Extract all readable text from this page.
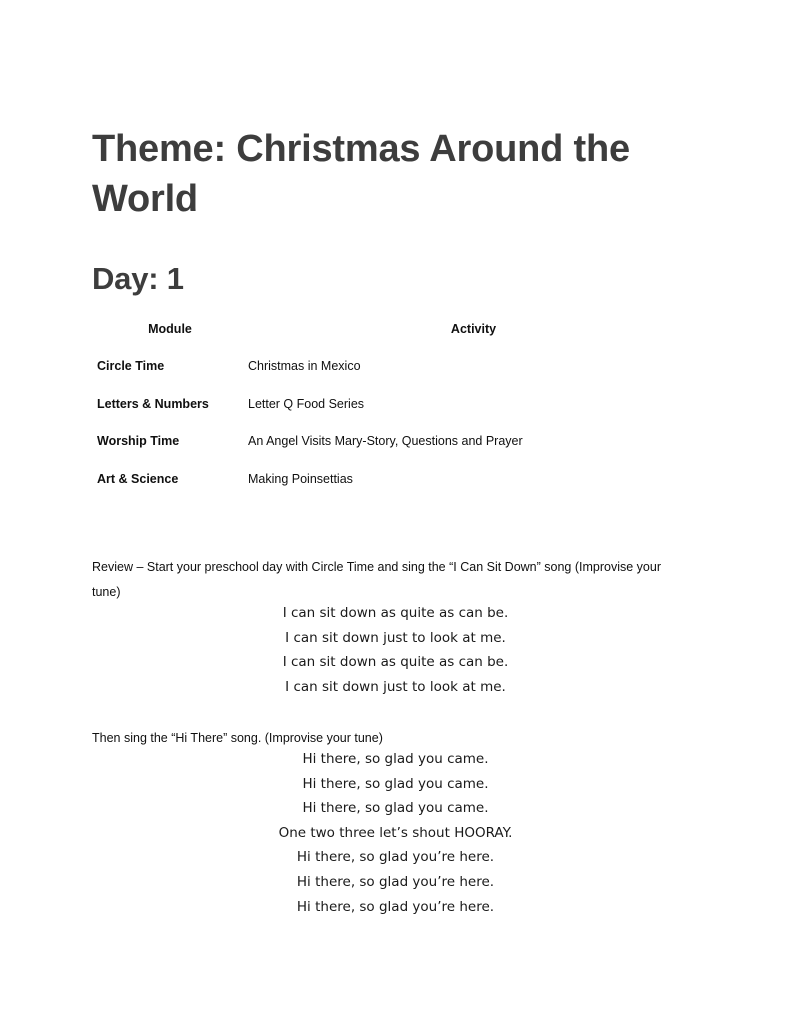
Theme: Christmas Around the World
Day: 1
Module	Activity
Circle Time	Christmas in Mexico
Letters & Numbers	Letter Q Food Series
Worship Time	An Angel Visits Mary-Story, Questions and Prayer
Art & Science	Making Poinsettias

Review – Start your preschool day with Circle Time and sing the “I Can Sit Down” song (Improvise your tune)

I can sit down as quite as can be.
I can sit down just to look at me.
I can sit down as quite as can be.
I can sit down just to look at me.

Then sing the “Hi There” song. (Improvise your tune)

Hi there, so glad you came.
Hi there, so glad you came.
Hi there, so glad you came.
One two three let’s shout HOORAY.
Hi there, so glad you’re here.
Hi there, so glad you’re here.
Hi there, so glad you’re here.
